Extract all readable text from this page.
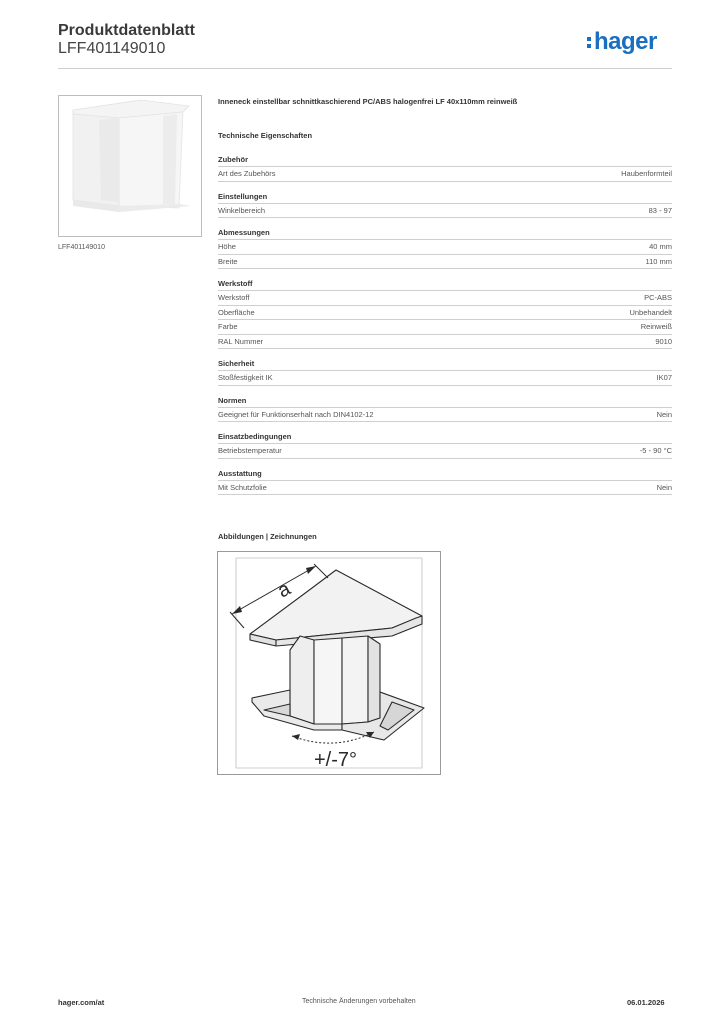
Produktdatenblatt
LFF401149010	hager
LFF401149010
Inneneck einstellbar schnittkaschierend PC/ABS halogenfrei LF 40x110mm reinweiß
Technische Eigenschaften
Zubehör
Art des Zubehörs	Haubenformteil
Einstellungen
Winkelbereich	83 - 97
Abmessungen
Höhe	40 mm
Breite	110 mm
Werkstoff
Werkstoff	PC-ABS
Oberfläche	Unbehandelt
Farbe	Reinweiß
RAL Nummer	9010
Sicherheit
Stoßfestigkeit IK	IK07
Normen
Geeignet für Funktionserhalt nach DIN4102-12	Nein
Einsatzbedingungen
Betriebstemperatur	-5 - 90 °C
Ausstattung
Mit Schutzfolie	Nein
Abbildungen | Zeichnungen
a
+/-7°
hager.com/at	Technische Änderungen vorbehalten	06.01.2026
